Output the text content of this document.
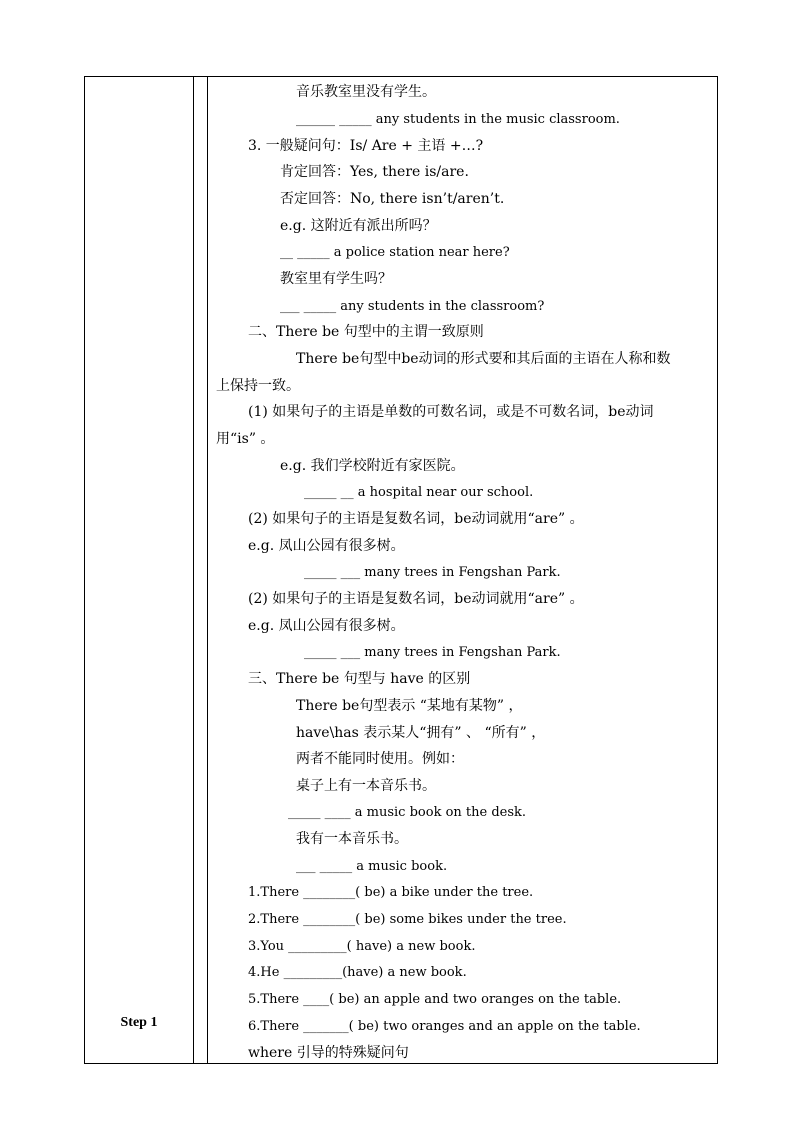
Step 1
音乐教室里没有学生。
______ _____ any students in the music classroom.
3. 一般疑问句：Is/ Are + 主语 +…?
肯定回答：Yes, there is/are.
否定回答：No, there isn’t/aren’t.
e.g. 这附近有派出所吗？
__ _____ a police station near here?
教室里有学生吗？
___ _____ any students in the classroom?
二、There be 句型中的主谓一致原则
There be句型中be动词的形式要和其后面的主语在人称和数
上保持一致。
(1) 如果句子的主语是单数的可数名词，或是不可数名词，be动词
用“is” 。
e.g. 我们学校附近有家医院。
_____ __ a hospital near our school.
(2) 如果句子的主语是复数名词，be动词就用“are” 。
e.g. 凤山公园有很多树。
_____ ___ many trees in Fengshan Park.
(2) 如果句子的主语是复数名词，be动词就用“are” 。
e.g. 凤山公园有很多树。
_____ ___ many trees in Fengshan Park.
三、There be 句型与 have 的区别
There be句型表示 “某地有某物” ，
have\has 表示某人“拥有” 、 “所有” ，
两者不能同时使用。例如：
桌子上有一本音乐书。
_____ ____ a music book on the desk.
我有一本音乐书。
___ _____ a music book.
1.There ________( be) a bike under the tree.
2.There ________( be) some bikes under the tree.
3.You _________( have) a new book.
4.He _________(have) a new book.
5.There ____( be) an apple and two oranges on the table.
6.There _______( be) two oranges and an apple on the table.
where 引导的特殊疑问句
